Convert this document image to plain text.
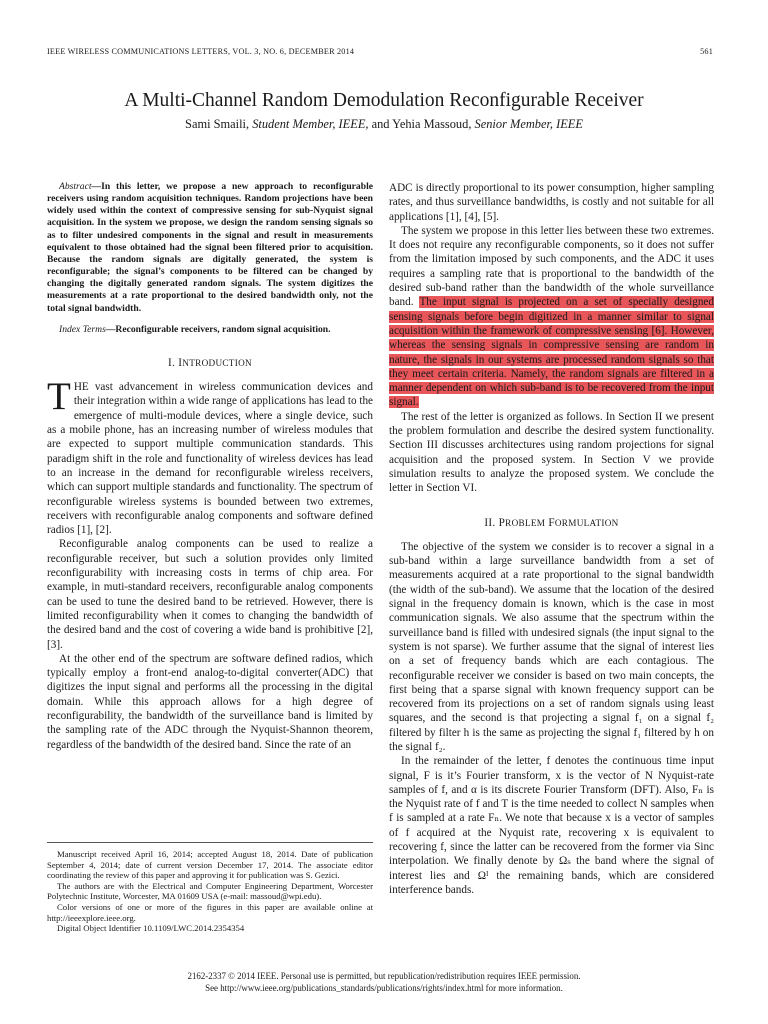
IEEE WIRELESS COMMUNICATIONS LETTERS, VOL. 3, NO. 6, DECEMBER 2014	561
A Multi-Channel Random Demodulation Reconfigurable Receiver
Sami Smaili, Student Member, IEEE, and Yehia Massoud, Senior Member, IEEE
Abstract—In this letter, we propose a new approach to reconfigurable receivers using random acquisition techniques. Random projections have been widely used within the context of compressive sensing for sub-Nyquist signal acquisition. In the system we propose, we design the random sensing signals so as to filter undesired components in the signal and result in measurements equivalent to those obtained had the signal been filtered prior to acquisition. Because the random signals are digitally generated, the system is reconfigurable; the signal’s components to be filtered can be changed by changing the digitally generated random signals. The system digitizes the measurements at a rate proportional to the desired bandwidth only, not the total signal bandwidth.
Index Terms—Reconfigurable receivers, random signal acquisition.
I. INTRODUCTION

THE vast advancement in wireless communication devices and their integration within a wide range of applications has lead to the emergence of multi-module devices, where a single device, such as a mobile phone, has an increasing number of wireless modules that are expected to support multiple communication standards. This paradigm shift in the role and functionality of wireless devices has lead to an increase in the demand for reconfigurable wireless receivers, which can support multiple standards and functionality. The spectrum of reconfigurable wireless systems is bounded between two extremes, receivers with reconfigurable analog components and software defined radios [1], [2].

Reconfigurable analog components can be used to realize a reconfigurable receiver, but such a solution provides only limited reconfigurability with increasing costs in terms of chip area. For example, in muti-standard receivers, reconfigurable analog components can be used to tune the desired band to be retrieved. However, there is limited reconfigurability when it comes to changing the bandwidth of the desired band and the cost of covering a wide band is prohibitive [2], [3].

At the other end of the spectrum are software defined radios, which typically employ a front-end analog-to-digital converter(ADC) that digitizes the input signal and performs all the processing in the digital domain. While this approach allows for a high degree of reconfigurability, the bandwidth of the surveillance band is limited by the sampling rate of the ADC through the Nyquist-Shannon theorem, regardless of the bandwidth of the desired band. Since the rate of an

Manuscript received April 16, 2014; accepted August 18, 2014. Date of publication September 4, 2014; date of current version December 17, 2014. The associate editor coordinating the review of this paper and approving it for publication was S. Gezici.

The authors are with the Electrical and Computer Engineering Department, Worcester Polytechnic Institute, Worcester, MA 01609 USA (e-mail: massoud@wpi.edu).

Color versions of one or more of the figures in this paper are available online at http://ieeexplore.ieee.org.

Digital Object Identifier 10.1109/LWC.2014.2354354

ADC is directly proportional to its power consumption, higher sampling rates, and thus surveillance bandwidths, is costly and not suitable for all applications [1], [4], [5].

The system we propose in this letter lies between these two extremes. It does not require any reconfigurable components, so it does not suffer from the limitation imposed by such components, and the ADC it uses requires a sampling rate that is proportional to the bandwidth of the desired sub-band rather than the bandwidth of the whole surveillance band. The input signal is projected on a set of specially designed sensing signals before begin digitized in a manner similar to signal acquisition within the framework of compressive sensing [6]. However, whereas the sensing signals in compressive sensing are random in nature, the signals in our systems are processed random signals so that they meet certain criteria. Namely, the random signals are filtered in a manner dependent on which sub-band is to be recovered from the input signal.

The rest of the letter is organized as follows. In Section II we present the problem formulation and describe the desired system functionality. Section III discusses architectures using random projections for signal acquisition and the proposed system. In Section V we provide simulation results to analyze the proposed system. We conclude the letter in Section VI.

II. PROBLEM FORMULATION

The objective of the system we consider is to recover a signal in a sub-band within a large surveillance bandwidth from a set of measurements acquired at a rate proportional to the signal bandwidth (the width of the sub-band). We assume that the location of the desired signal in the frequency domain is known, which is the case in most communication signals. We also assume that the spectrum within the surveillance band is filled with undesired signals (the input signal to the system is not sparse). We further assume that the signal of interest lies on a set of frequency bands which are each contagious. The reconfigurable receiver we consider is based on two main concepts, the first being that a sparse signal with known frequency support can be recovered from its projections on a set of random signals using least squares, and the second is that projecting a signal f₁ on a signal f₂ filtered by filter h is the same as projecting the signal f₁ filtered by h on the signal f₂.

In the remainder of the letter, f denotes the continuous time input signal, F is it’s Fourier transform, x is the vector of N Nyquist-rate samples of f, and α is its discrete Fourier Transform (DFT). Also, Fₙ is the Nyquist rate of f and T is the time needed to collect N samples when f is sampled at a rate Fₙ. We note that because x is a vector of samples of f acquired at the Nyquist rate, recovering x is equivalent to recovering f, since the latter can be recovered from the former via Sinc interpolation. We finally denote by Ωₛ the band where the signal of interest lies and Ωᴵ the remaining bands, which are considered interference bands.

2162-2337 © 2014 IEEE. Personal use is permitted, but republication/redistribution requires IEEE permission.
See http://www.ieee.org/publications_standards/publications/rights/index.html for more information.
